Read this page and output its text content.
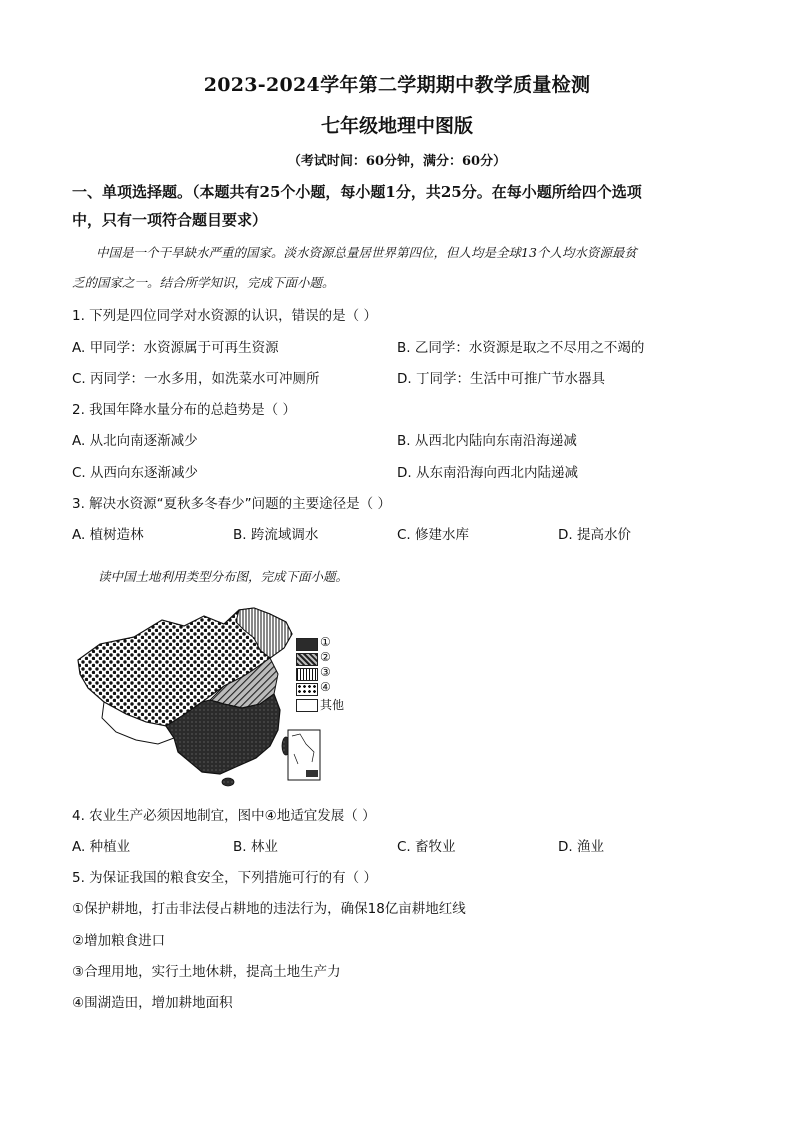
2023-2024学年第二学期期中教学质量检测
七年级地理中图版
（考试时间：60分钟，满分：60分）
一、单项选择题。（本题共有25个小题，每小题1分，共25分。在每小题所给四个选项
中，只有一项符合题目要求）
中国是一个干旱缺水严重的国家。淡水资源总量居世界第四位，但人均是全球13个人均水资源最贫
乏的国家之一。结合所学知识，完成下面小题。
1. 下列是四位同学对水资源的认识，错误的是（ ）
A. 甲同学：水资源属于可再生资源	B. 乙同学：水资源是取之不尽用之不竭的
C. 丙同学：一水多用，如洗菜水可冲厕所	D. 丁同学：生活中可推广节水器具
2. 我国年降水量分布的总趋势是（ ）
A. 从北向南逐渐减少	B. 从西北内陆向东南沿海递减
C. 从西向东逐渐减少	D. 从东南沿海向西北内陆递减
3. 解决水资源“夏秋多冬春少”问题的主要途径是（ ）
A. 植树造林	B. 跨流域调水	C. 修建水库	D. 提高水价
读中国土地利用类型分布图，完成下面小题。
①
②
③
④
其他
4. 农业生产必须因地制宜，图中④地适宜发展（ ）
A. 种植业	B. 林业	C. 畜牧业	D. 渔业
5. 为保证我国的粮食安全，下列措施可行的有（ ）
①保护耕地，打击非法侵占耕地的违法行为，确保18亿亩耕地红线
②增加粮食进口
③合理用地，实行土地休耕，提高土地生产力
④围湖造田，增加耕地面积
